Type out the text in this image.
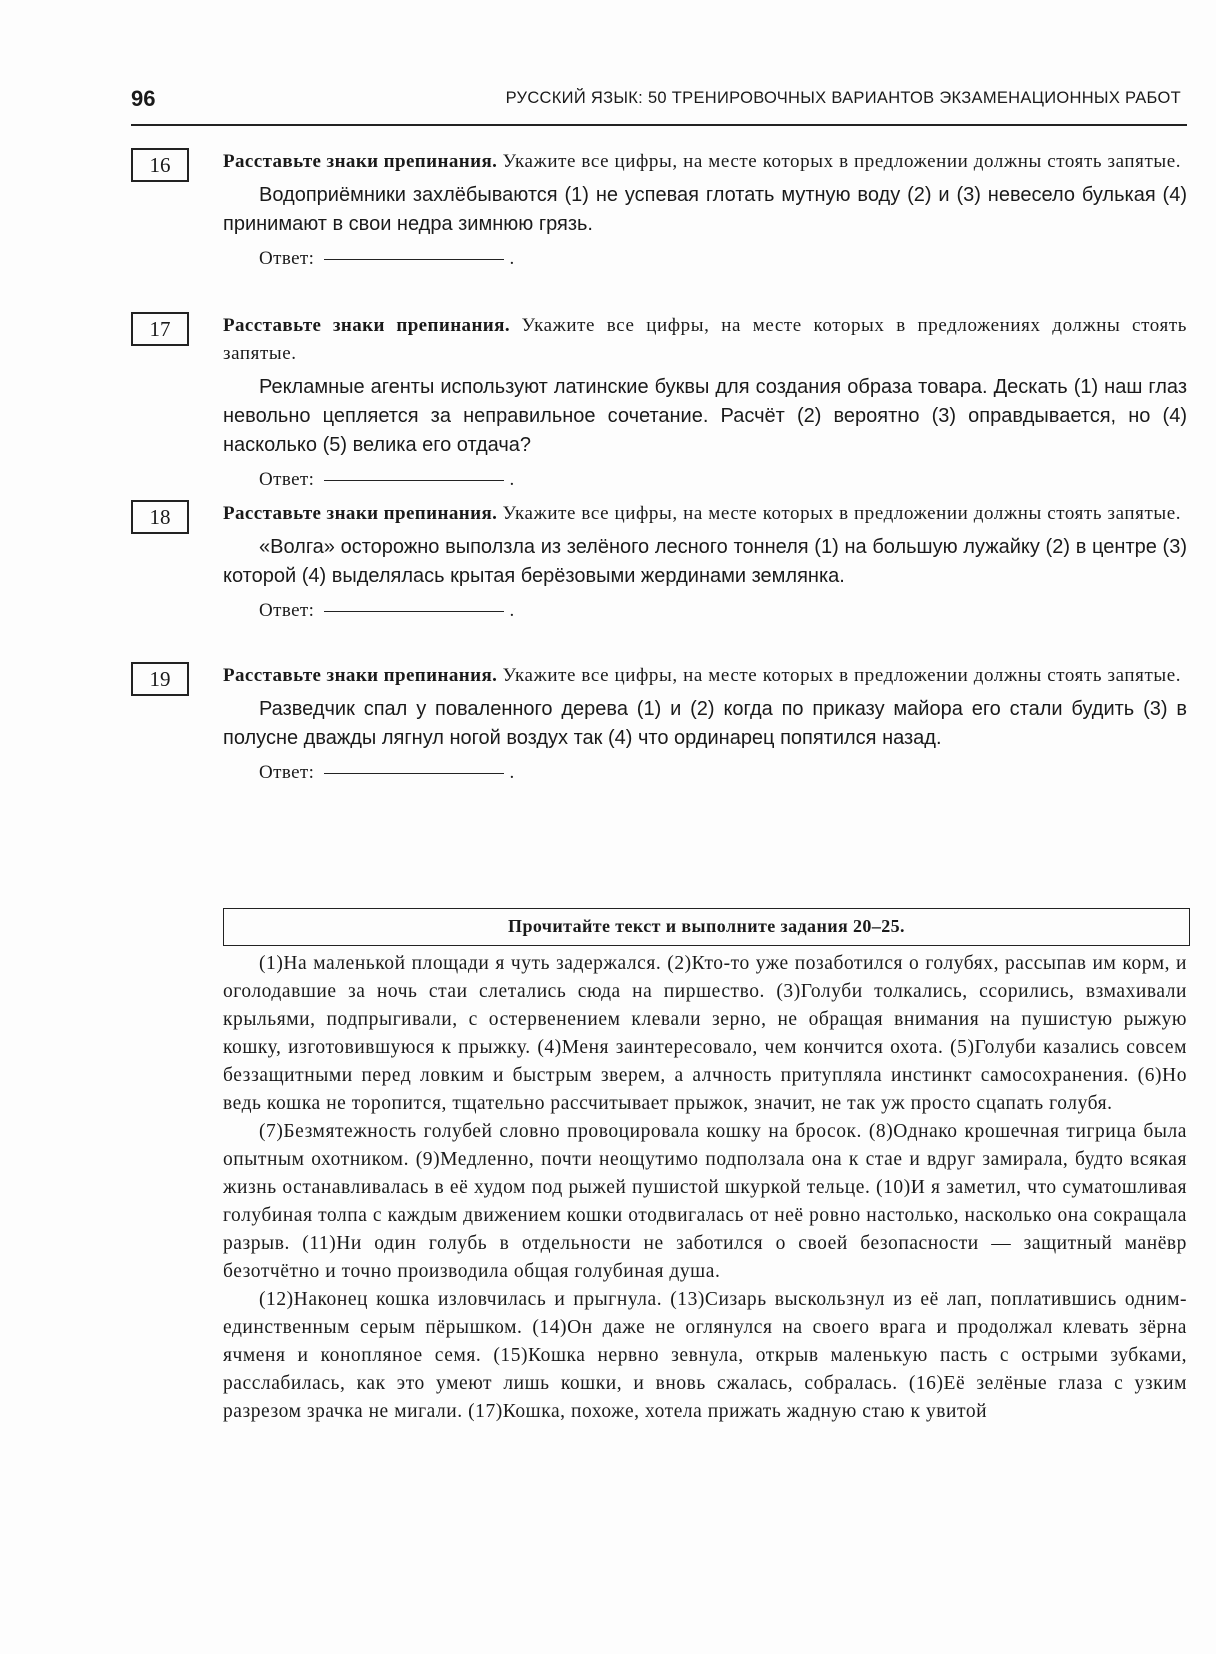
96	РУССКИЙ ЯЗЫК: 50 ТРЕНИРОВОЧНЫХ ВАРИАНТОВ ЭКЗАМЕНАЦИОННЫХ РАБОТ
16	Расставьте знаки препинания. Укажите все цифры, на месте которых в предложении должны стоять запятые.
Водоприёмники захлёбываются (1) не успевая глотать мутную воду (2) и (3) невесело булькая (4) принимают в свои недра зимнюю грязь.
Ответ:	.
17	Расставьте знаки препинания. Укажите все цифры, на месте которых в предложениях должны стоять запятые.
Рекламные агенты используют латинские буквы для создания образа товара. Дескать (1) наш глаз невольно цепляется за неправильное сочетание. Расчёт (2) вероятно (3) оправдывается, но (4) насколько (5) велика его отдача?
Ответ:	.
18	Расставьте знаки препинания. Укажите все цифры, на месте которых в предложении должны стоять запятые.
«Волга» осторожно выползла из зелёного лесного тоннеля (1) на большую лужайку (2) в центре (3) которой (4) выделялась крытая берёзовыми жердинами землянка.
Ответ:	.
19	Расставьте знаки препинания. Укажите все цифры, на месте которых в предложении должны стоять запятые.
Разведчик спал у поваленного дерева (1) и (2) когда по приказу майора его стали будить (3) в полусне дважды лягнул ногой воздух так (4) что ординарец попятился назад.
Ответ:	.
Прочитайте текст и выполните задания 20–25.

(1)На маленькой площади я чуть задержался. (2)Кто-то уже позаботился о голубях, рассыпав им корм, и оголодавшие за ночь стаи слетались сюда на пиршество. (3)Голуби толкались, ссорились, взмахивали крыльями, подпрыгивали, с остервенением клевали зерно, не обращая внимания на пушистую рыжую кошку, изготовившуюся к прыжку. (4)Меня заинтересовало, чем кончится охота. (5)Голуби казались совсем беззащитными перед ловким и быстрым зверем, а алчность притупляла инстинкт самосохранения. (6)Но ведь кошка не торопится, тщательно рассчитывает прыжок, значит, не так уж просто сцапать голубя.

(7)Безмятежность голубей словно провоцировала кошку на бросок. (8)Однако крошечная тигрица была опытным охотником. (9)Медленно, почти неощутимо подползала она к стае и вдруг замирала, будто всякая жизнь останавливалась в её худом под рыжей пушистой шкуркой тельце. (10)И я заметил, что суматошливая голубиная толпа с каждым движением кошки отодвигалась от неё ровно настолько, насколько она сокращала разрыв. (11)Ни один голубь в отдельности не заботился о своей безопасности — защитный манёвр безотчётно и точно производила общая голубиная душа.

(12)Наконец кошка изловчилась и прыгнула. (13)Сизарь выскользнул из её лап, поплатившись одним-единственным серым пёрышком. (14)Он даже не оглянулся на своего врага и продолжал клевать зёрна ячменя и конопляное семя. (15)Кошка нервно зевнула, открыв маленькую пасть с острыми зубками, расслабилась, как это умеют лишь кошки, и вновь сжалась, собралась. (16)Её зелёные глаза с узким разрезом зрачка не мигали. (17)Кошка, похоже, хотела прижать жадную стаю к увитой
